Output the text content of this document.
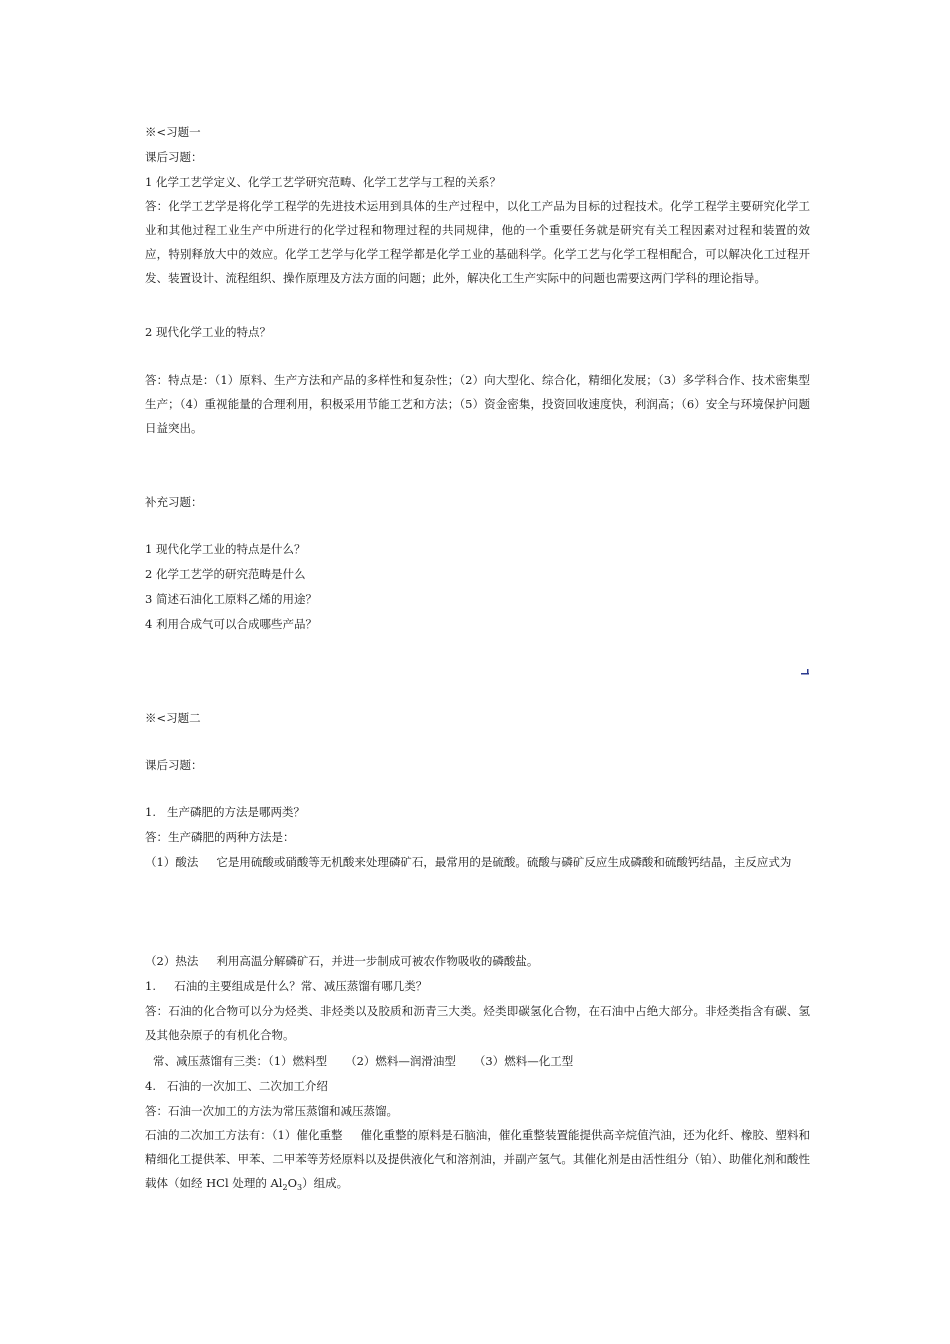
※<习题一
课后习题：
1 化学工艺学定义、化学工艺学研究范畴、化学工艺学与工程的关系？
答：化学工艺学是将化学工程学的先进技术运用到具体的生产过程中，以化工产品为目标的过程技术。化学工程学主要研究化学工业和其他过程工业生产中所进行的化学过程和物理过程的共同规律，他的一个重要任务就是研究有关工程因素对过程和装置的效应，特别释放大中的效应。化学工艺学与化学工程学都是化学工业的基础科学。化学工艺与化学工程相配合，可以解决化工过程开发、装置设计、流程组织、操作原理及方法方面的问题；此外，解决化工生产实际中的问题也需要这两门学科的理论指导。
2 现代化学工业的特点？
答：特点是：（1）原料、生产方法和产品的多样性和复杂性；（2）向大型化、综合化，精细化发展；（3）多学科合作、技术密集型生产；（4）重视能量的合理利用，积极采用节能工艺和方法；（5）资金密集，投资回收速度快，利润高；（6）安全与环境保护问题日益突出。
补充习题：
1 现代化学工业的特点是什么？
2 化学工艺学的研究范畴是什么
3 简述石油化工原料乙烯的用途？
4 利用合成气可以合成哪些产品？
※<习题二
课后习题：
1.   生产磷肥的方法是哪两类？
答：生产磷肥的两种方法是：
（1）酸法 它是用硫酸或硝酸等无机酸来处理磷矿石，最常用的是硫酸。硫酸与磷矿反应生成磷酸和硫酸钙结晶，主反应式为
（2）热法 利用高温分解磷矿石，并进一步制成可被农作物吸收的磷酸盐。
1.     石油的主要组成是什么？常、减压蒸馏有哪几类？
答：石油的化合物可以分为烃类、非烃类以及胶质和沥青三大类。烃类即碳氢化合物，在石油中占绝大部分。非烃类指含有碳、氢及其他杂原子的有机化合物。
常、减压蒸馏有三类：（1）燃料型 （2）燃料—润滑油型 （3）燃料—化工型
4.   石油的一次加工、二次加工介绍
答：石油一次加工的方法为常压蒸馏和减压蒸馏。
石油的二次加工方法有：（1）催化重整 催化重整的原料是石脑油，催化重整装置能提供高辛烷值汽油，还为化纤、橡胶、塑料和精细化工提供苯、甲苯、二甲苯等芳烃原料以及提供液化气和溶剂油，并副产氢气。其催化剂是由活性组分（铂）、助催化剂和酸性载体（如经 HCl 处理的 $Al_2O_3$）组成。
